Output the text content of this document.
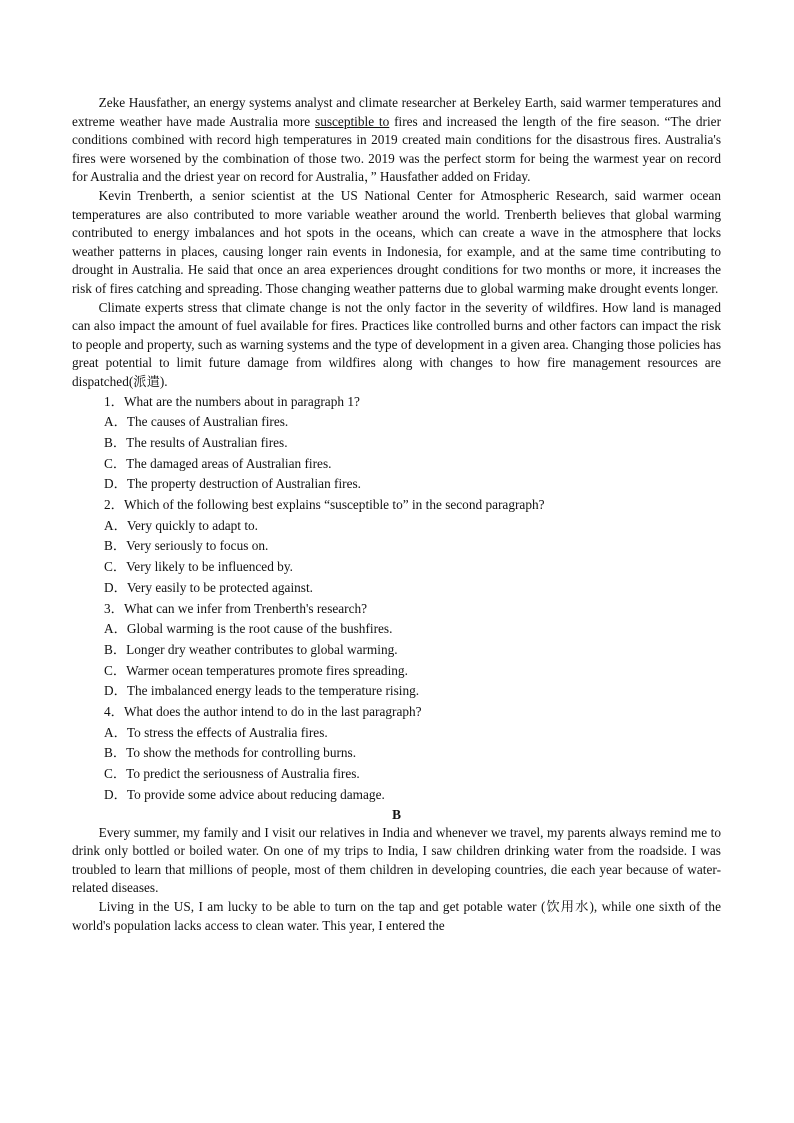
Zeke Hausfather, an energy systems analyst and climate researcher at Berkeley Earth, said warmer temperatures and extreme weather have made Australia more susceptible to fires and increased the length of the fire season. “The drier conditions combined with record high temperatures in 2019 created main conditions for the disastrous fires. Australia's fires were worsened by the combination of those two. 2019 was the perfect storm for being the warmest year on record for Australia and the driest year on record for Australia，” Hausfather added on Friday.

Kevin Trenberth, a senior scientist at the US National Center for Atmospheric Research, said warmer ocean temperatures are also contributed to more variable weather around the world. Trenberth believes that global warming contributed to energy imbalances and hot spots in the oceans, which can create a wave in the atmosphere that locks weather patterns in places, causing longer rain events in Indonesia, for example, and at the same time contributing to drought in Australia. He said that once an area experiences drought conditions for two months or more, it increases the risk of fires catching and spreading. Those changing weather patterns due to global warming make drought events longer.

Climate experts stress that climate change is not the only factor in the severity of wildfires. How land is managed can also impact the amount of fuel available for fires. Practices like controlled burns and other factors can impact the risk to people and property, such as warning systems and the type of development in a given area. Changing those policies has great potential to limit future damage from wildfires along with changes to how fire management resources are dispatched(派遣).

1．What are the numbers about in paragraph 1?

A．The causes of Australian fires.

B．The results of Australian fires.

C．The damaged areas of Australian fires.

D．The property destruction of Australian fires.

2．Which of the following best explains “susceptible to” in the second paragraph?

A．Very quickly to adapt to.

B．Very seriously to focus on.

C．Very likely to be influenced by.

D．Very easily to be protected against.

3．What can we infer from Trenberth's research?

A．Global warming is the root cause of the bushfires.

B．Longer dry weather contributes to global warming.

C．Warmer ocean temperatures promote fires spreading.

D．The imbalanced energy leads to the temperature rising.

4．What does the author intend to do in the last paragraph?

A．To stress the effects of Australia fires.

B．To show the methods for controlling burns.

C．To predict the seriousness of Australia fires.

D．To provide some advice about reducing damage.

B

Every summer, my family and I visit our relatives in India and whenever we travel, my parents always remind me to drink only bottled or boiled water. On one of my trips to India, I saw children drinking water from the roadside. I was troubled to learn that millions of people, most of them children in developing countries, die each year because of water-related diseases.

Living in the US, I am lucky to be able to turn on the tap and get potable water (饮用水), while one sixth of the world's population lacks access to clean water. This year, I entered the
